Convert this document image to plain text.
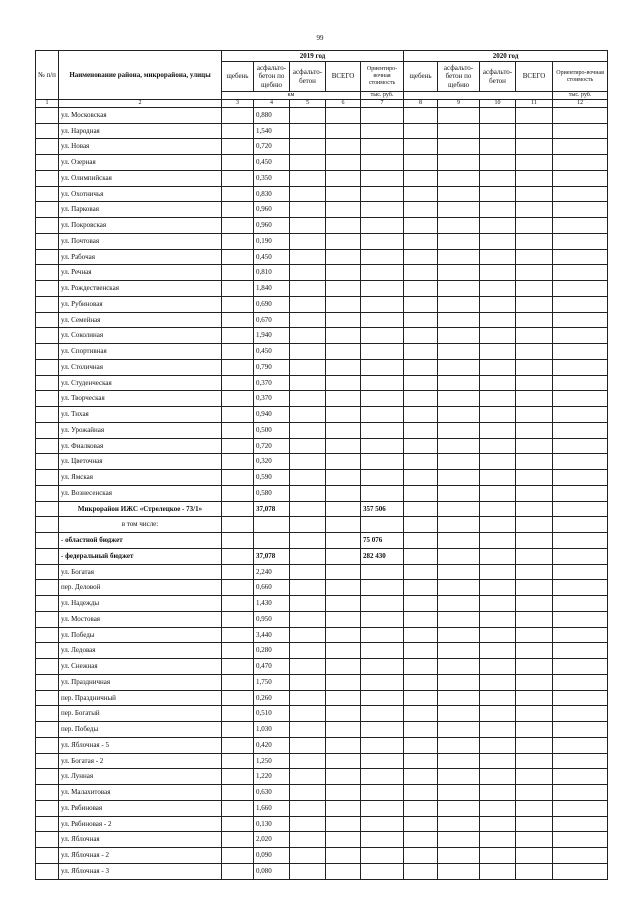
99
№ п/п	Наименование района, микрорайона, улицы	2019 год					2020 год				
		щебень	асфальто-бетон по щебню	асфальто-бетон	ВСЕГО	Ориентиро-вочная стоимость	щебень	асфальто-бетон по щебню	асфальто-бетон	ВСЕГО	Ориентиро-вочная стоимость
		км				тыс. руб.					тыс. руб.
1	2	3	4	5	6	7	8	9	10	11	12
	ул. Московская		0,880								
	ул. Народная		1,540								
	ул. Новая		0,720								
	ул. Озерная		0,450								
	ул. Олимпийская		0,350								
	ул. Охотничья		0,830								
	ул. Парковая		0,960								
	ул. Покровская		0,960								
	ул. Почтовая		0,190								
	ул. Рабочая		0,450								
	ул. Речная		0,810								
	ул. Рождественская		1,840								
	ул. Рубиновая		0,690								
	ул. Семейная		0,670								
	ул. Соколиная		1,940								
	ул. Спортивная		0,450								
	ул. Столичная		0,790								
	ул. Студенческая		0,370								
	ул. Творческая		0,370								
	ул. Тихая		0,940								
	ул. Урожайная		0,500								
	ул. Фиалковая		0,720								
	ул. Цветочная		0,320								
	ул. Ямская		0,590								
	ул. Вознесенская		0,580								
	Микрорайон ИЖС «Стрелецкое - 73/1»		37,078			357 506					
	в том числе:										
	- областной бюджет					75 076					
	- федеральный бюджет		37,078			282 430					
	ул. Богатая		2,240								
	пер. Деловой		0,660								
	ул. Надежды		1,430								
	ул. Мостовая		0,950								
	ул. Победы		3,440								
	ул. Ледовая		0,280								
	ул. Снежная		0,470								
	ул. Праздничная		1,750								
	пер. Праздничный		0,260								
	пер. Богатый		0,510								
	пер. Победы		1,030								
	ул. Яблочная - 5		0,420								
	ул. Богатая - 2		1,250								
	ул. Лунная		1,220								
	ул. Малахитовая		0,630								
	ул. Рябиновая		1,660								
	ул. Рябиновая - 2		0,130								
	ул. Яблочная		2,020								
	ул. Яблочная - 2		0,090								
	ул. Яблочная - 3		0,080								
